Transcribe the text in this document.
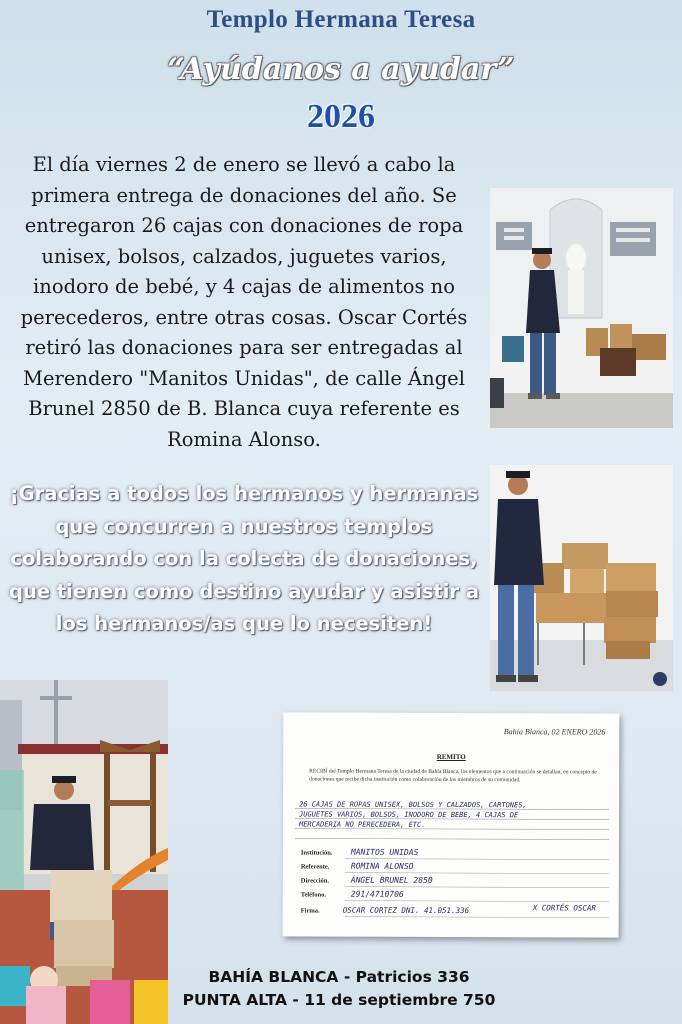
Templo Hermana Teresa
“Ayúdanos a ayudar”
2026

El día viernes 2 de enero se llevó a cabo la primera entrega de donaciones del año. Se entregaron 26 cajas con donaciones de ropa unisex, bolsos, calzados, juguetes varios, inodoro de bebé, y 4 cajas de alimentos no perecederos, entre otras cosas. Oscar Cortés retiró las donaciones para ser entregadas al Merendero "Manitos Unidas", de calle Ángel Brunel 2850 de B. Blanca cuya referente es Romina Alonso.

¡Gracias a todos los hermanos y hermanas que concurren a nuestros templos colaborando con la colecta de donaciones, que tienen como destino ayudar y asistir a los hermanos/as que lo necesiten!

Bahía Blanca, 02 ENERO 2026
REMITO
RECIBÍ del Templo Hermana Teresa de la ciudad de Bahía Blanca, los elementos que a continuación se detallan, en concepto de donaciones que recibe dicha institución como colaboración de los miembros de su comunidad.
26 CAJAS DE ROPAS UNISEX, BOLSOS Y CALZADOS, CARTONES,
JUGUETES VARIOS, BOLSOS, INODORO DE BEBE, 4 CAJAS DE
MERCADERIA NO PERECEDERA, ETC.
Institución. MANITOS UNIDAS
Referente.	ROMINA ALONSO
Dirección.	ÁNGEL BRUNEL 2850
Teléfono.	291/4710706
Firma.	OSCAR CORTEZ DNI. 41.051.336	X CORTÉS OSCAR
BAHÍA BLANCA - Patricios 336
PUNTA ALTA - 11 de septiembre 750
